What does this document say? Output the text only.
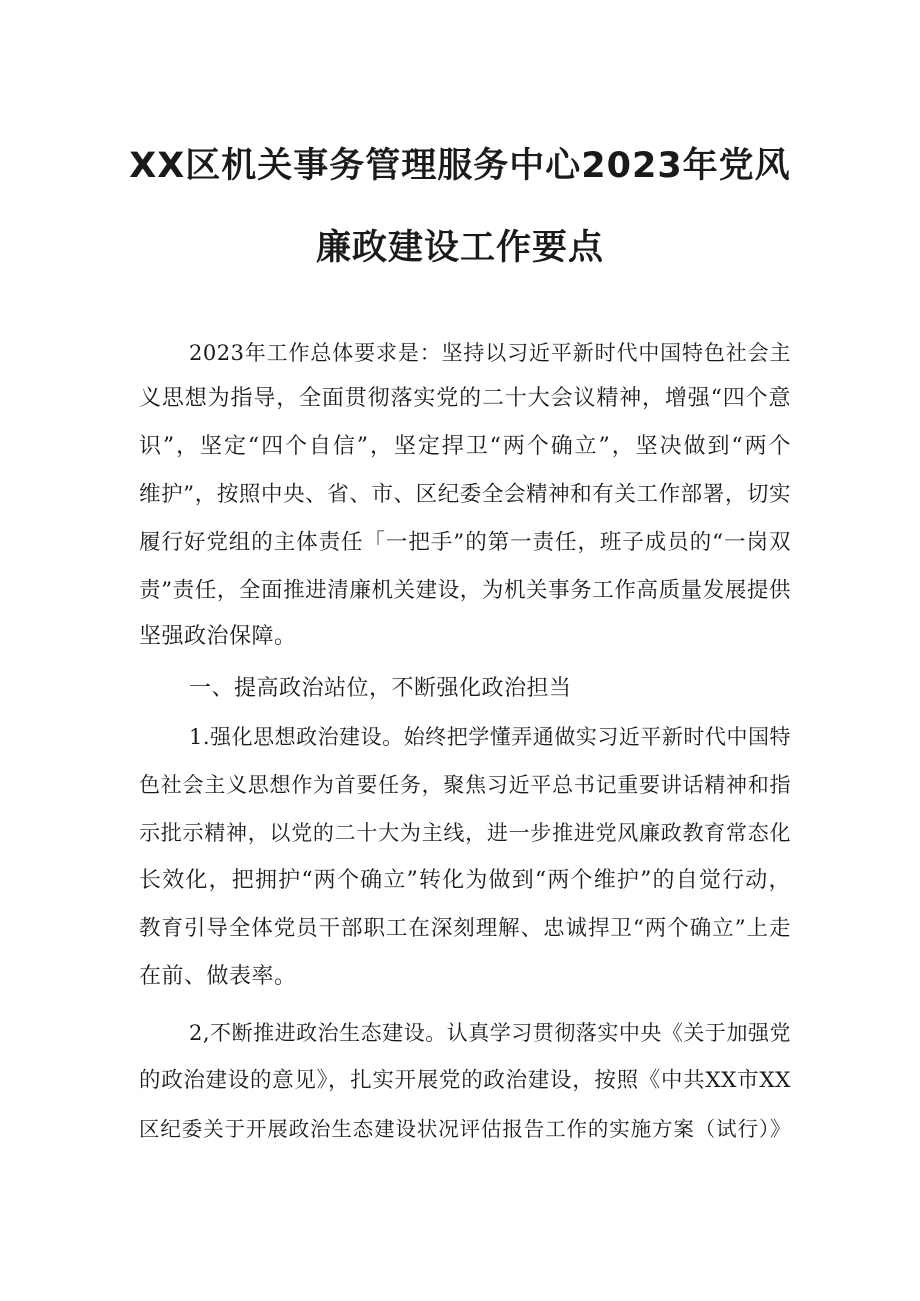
XX区机关事务管理服务中心2023年党风
廉政建设工作要点
2023年工作总体要求是：坚持以习近平新时代中国特色社会主
义思想为指导，全面贯彻落实党的二十大会议精神，增强“四个意
识”，坚定“四个自信”，坚定捍卫“两个确立”，坚决做到“两个
维护”，按照中央、省、市、区纪委全会精神和有关工作部署，切实
履行好党组的主体责任「一把手”的第一责任，班子成员的“一岗双
责”责任，全面推进清廉机关建设，为机关事务工作高质量发展提供
坚强政治保障。
一、提高政治站位，不断强化政治担当
1.强化思想政治建设。始终把学懂弄通做实习近平新时代中国特
色社会主义思想作为首要任务，聚焦习近平总书记重要讲话精神和指
示批示精神，以党的二十大为主线，进一步推进党风廉政教育常态化
长效化，把拥护“两个确立”转化为做到“两个维护”的自觉行动，
教育引导全体党员干部职工在深刻理解、忠诚捍卫“两个确立”上走
在前、做表率。
2,不断推进政治生态建设。认真学习贯彻落实中央《关于加强党
的政治建设的意见》，扎实开展党的政治建设，按照《中共XX市XX
区纪委关于开展政治生态建设状况评估报告工作的实施方案（试行）》
